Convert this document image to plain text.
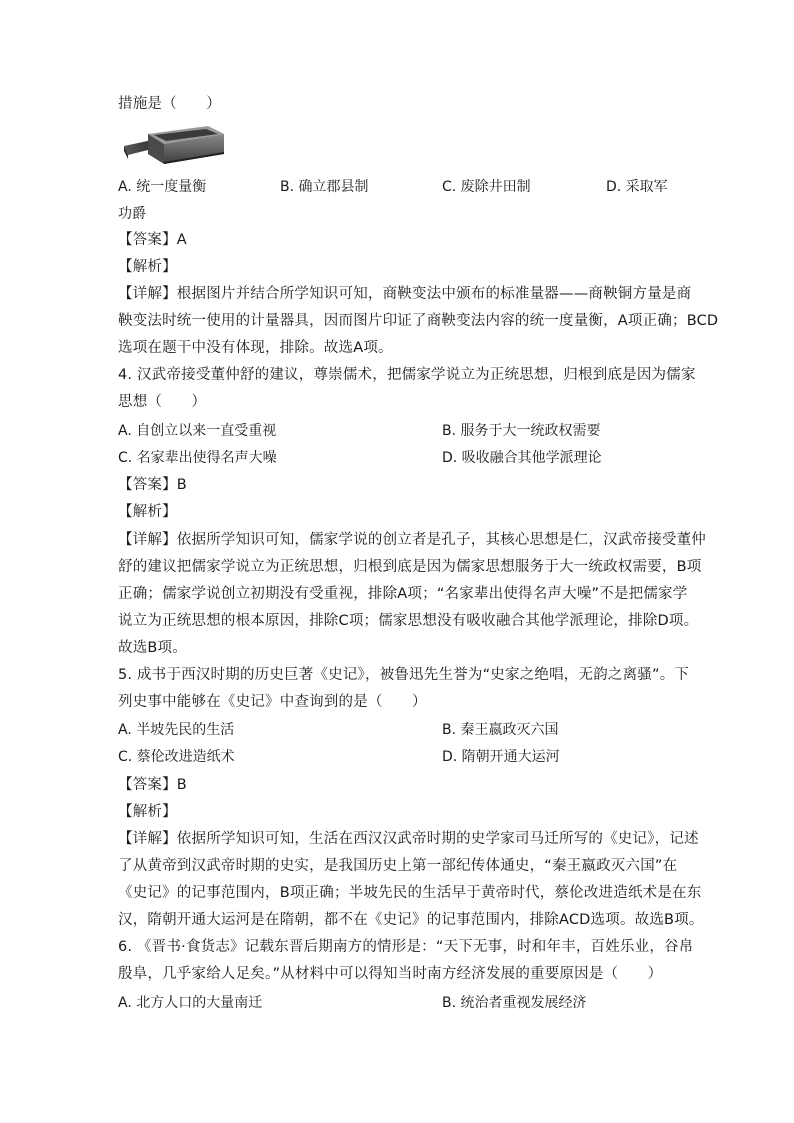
措施是（　　）
A. 统一度量衡	B. 确立郡县制	C. 废除井田制	D. 采取军
功爵
【答案】A
【解析】
【详解】根据图片并结合所学知识可知，商鞅变法中颁布的标准量器——商鞅铜方量是商
鞅变法时统一使用的计量器具，因而图片印证了商鞅变法内容的统一度量衡，A项正确；BCD
选项在题干中没有体现，排除。故选A项。
4. 汉武帝接受董仲舒的建议，尊崇儒术，把儒家学说立为正统思想，归根到底是因为儒家
思想（　　）
A. 自创立以来一直受重视	B. 服务于大一统政权需要
C. 名家辈出使得名声大噪	D. 吸收融合其他学派理论
【答案】B
【解析】
【详解】依据所学知识可知，儒家学说的创立者是孔子，其核心思想是仁，汉武帝接受董仲
舒的建议把儒家学说立为正统思想，归根到底是因为儒家思想服务于大一统政权需要，B项
正确；儒家学说创立初期没有受重视，排除A项；“名家辈出使得名声大噪”不是把儒家学
说立为正统思想的根本原因，排除C项；儒家思想没有吸收融合其他学派理论，排除D项。
故选B项。
5. 成书于西汉时期的历史巨著《史记》，被鲁迅先生誉为“史家之绝唱，无韵之离骚”。下
列史事中能够在《史记》中查询到的是（　　）
A. 半坡先民的生活	B. 秦王嬴政灭六国
C. 蔡伦改进造纸术	D. 隋朝开通大运河
【答案】B
【解析】
【详解】依据所学知识可知，生活在西汉汉武帝时期的史学家司马迁所写的《史记》，记述
了从黄帝到汉武帝时期的史实，是我国历史上第一部纪传体通史，“秦王嬴政灭六国”在
《史记》的记事范围内，B项正确；半坡先民的生活早于黄帝时代，蔡伦改进造纸术是在东
汉，隋朝开通大运河是在隋朝，都不在《史记》的记事范围内，排除ACD选项。故选B项。
6. 《晋书·食货志》记载东晋后期南方的情形是：“天下无事，时和年丰，百姓乐业，谷帛
殷阜，几乎家给人足矣。”从材料中可以得知当时南方经济发展的重要原因是（　　）
A. 北方人口的大量南迁	B. 统治者重视发展经济
